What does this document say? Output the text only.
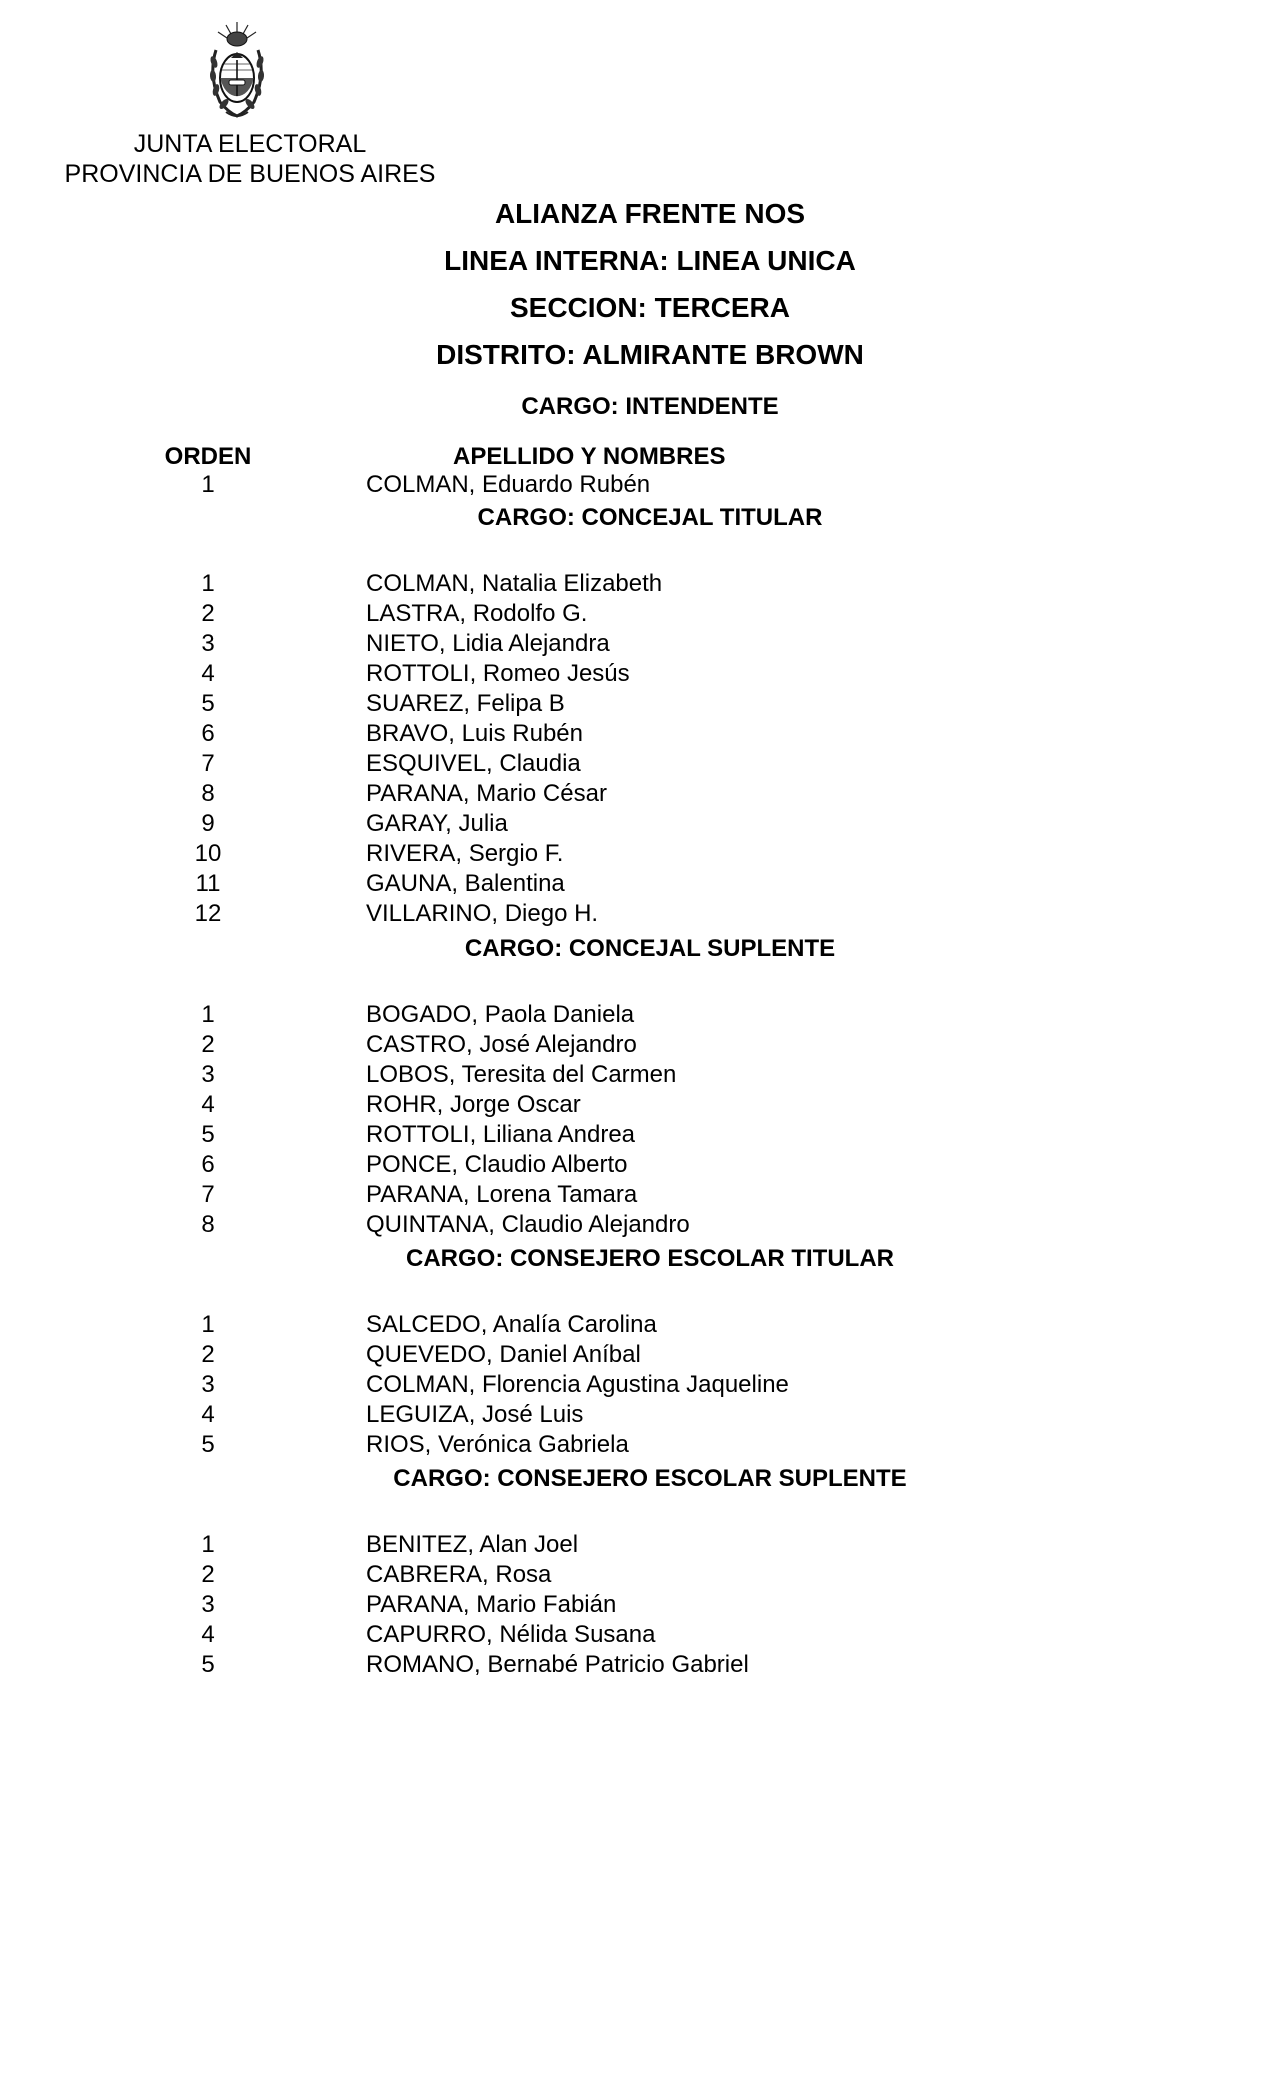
JUNTA ELECTORAL
PROVINCIA DE BUENOS AIRES
ALIANZA FRENTE NOS
LINEA INTERNA: LINEA UNICA
SECCION: TERCERA
DISTRITO: ALMIRANTE BROWN
CARGO: INTENDENTE
ORDEN	APELLIDO Y NOMBRES
1	COLMAN, Eduardo Rubén
CARGO: CONCEJAL TITULAR
1	COLMAN, Natalia Elizabeth
2	LASTRA, Rodolfo G.
3	NIETO, Lidia Alejandra
4	ROTTOLI, Romeo Jesús
5	SUAREZ, Felipa B
6	BRAVO, Luis Rubén
7	ESQUIVEL, Claudia
8	PARANA, Mario César
9	GARAY, Julia
10	RIVERA, Sergio F.
11	GAUNA, Balentina
12	VILLARINO, Diego H.
CARGO: CONCEJAL SUPLENTE
1	BOGADO, Paola Daniela
2	CASTRO, José Alejandro
3	LOBOS, Teresita del Carmen
4	ROHR, Jorge Oscar
5	ROTTOLI, Liliana Andrea
6	PONCE, Claudio Alberto
7	PARANA, Lorena Tamara
8	QUINTANA, Claudio Alejandro
CARGO: CONSEJERO ESCOLAR TITULAR
1	SALCEDO, Analía Carolina
2	QUEVEDO, Daniel Aníbal
3	COLMAN, Florencia Agustina Jaqueline
4	LEGUIZA, José Luis
5	RIOS, Verónica Gabriela
CARGO: CONSEJERO ESCOLAR SUPLENTE
1	BENITEZ, Alan Joel
2	CABRERA, Rosa
3	PARANA, Mario Fabián
4	CAPURRO, Nélida Susana
5	ROMANO, Bernabé Patricio Gabriel
